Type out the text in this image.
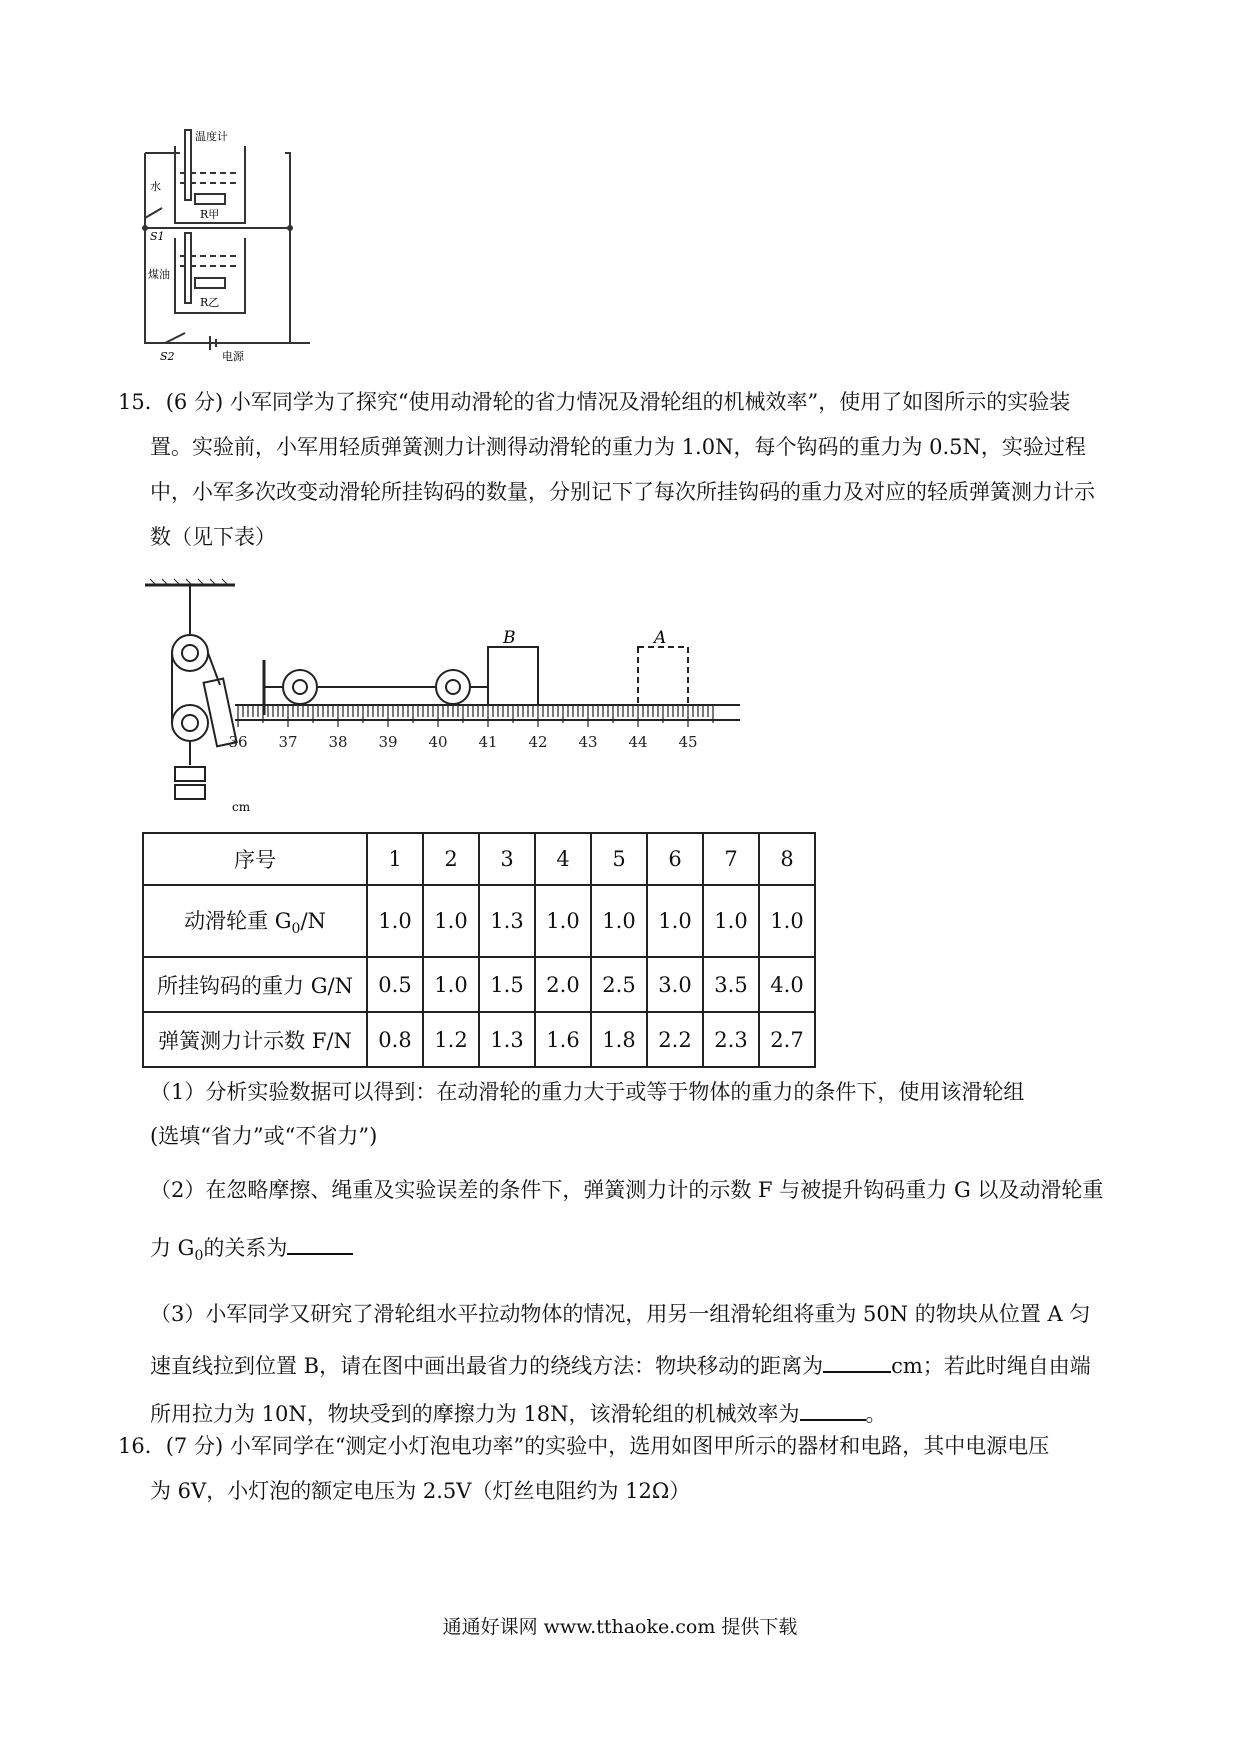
温度计
水
煤油
R甲
R乙
S1
S2	电源
15．(6 分) 小军同学为了探究“使用动滑轮的省力情况及滑轮组的机械效率”，使用了如图所示的实验装
置。实验前，小军用轻质弹簧测力计测得动滑轮的重力为 1.0N，每个钩码的重力为 0.5N，实验过程
中，小军多次改变动滑轮所挂钩码的数量，分别记下了每次所挂钩码的重力及对应的轻质弹簧测力计示
数（见下表）
36 37 38 39 40 41 42 43 44 45
cm
B	A
序号	1	2	3	4	5	6	7	8
动滑轮重 $G_0/N$	1.0	1.0	1.3	1.0	1.0	1.0	1.0	1.0
所挂钩码的重力 G/N	0.5	1.0	1.5	2.0	2.5	3.0	3.5	4.0
弹簧测力计示数 F/N	0.8	1.2	1.3	1.6	1.8	2.2	2.3	2.7
（1）分析实验数据可以得到：在动滑轮的重力大于或等于物体的重力的条件下，使用该滑轮组
(选填“省力”或“不省力”)
（2）在忽略摩擦、绳重及实验误差的条件下，弹簧测力计的示数 F 与被提升钩码重力 G 以及动滑轮重
力 $G_0$的关系为
（3）小军同学又研究了滑轮组水平拉动物体的情况，用另一组滑轮组将重为 50N 的物块从位置 A 匀
速直线拉到位置 B，请在图中画出最省力的绕线方法：物块移动的距离为	cm；若此时绳自由端
所用拉力为 10N，物块受到的摩擦力为 18N，该滑轮组的机械效率为	。
16．(7 分) 小军同学在“测定小灯泡电功率”的实验中，选用如图甲所示的器材和电路，其中电源电压
为 6V，小灯泡的额定电压为 2.5V（灯丝电阻约为 12Ω）
通通好课网 www.tthaoke.com 提供下载
